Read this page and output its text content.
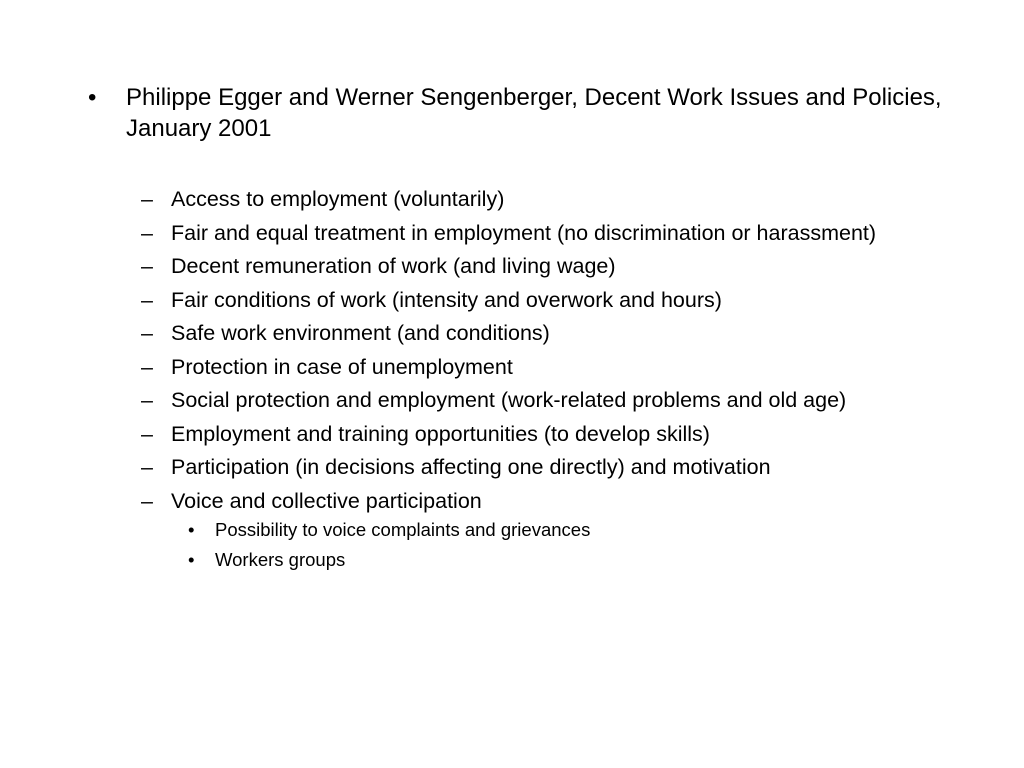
• Philippe Egger and Werner Sengenberger, Decent Work Issues and Policies, January 2001
– Access to employment (voluntarily)
– Fair and equal treatment in employment (no discrimination or harassment)
– Decent remuneration of work (and living wage)
– Fair conditions of work (intensity and overwork and hours)
– Safe work environment (and conditions)
– Protection in case of unemployment
– Social protection and employment (work-related problems and old age)
– Employment and training opportunities (to develop skills)
– Participation (in decisions affecting one directly) and motivation
– Voice and collective participation
• Possibility to voice complaints and grievances
• Workers groups
